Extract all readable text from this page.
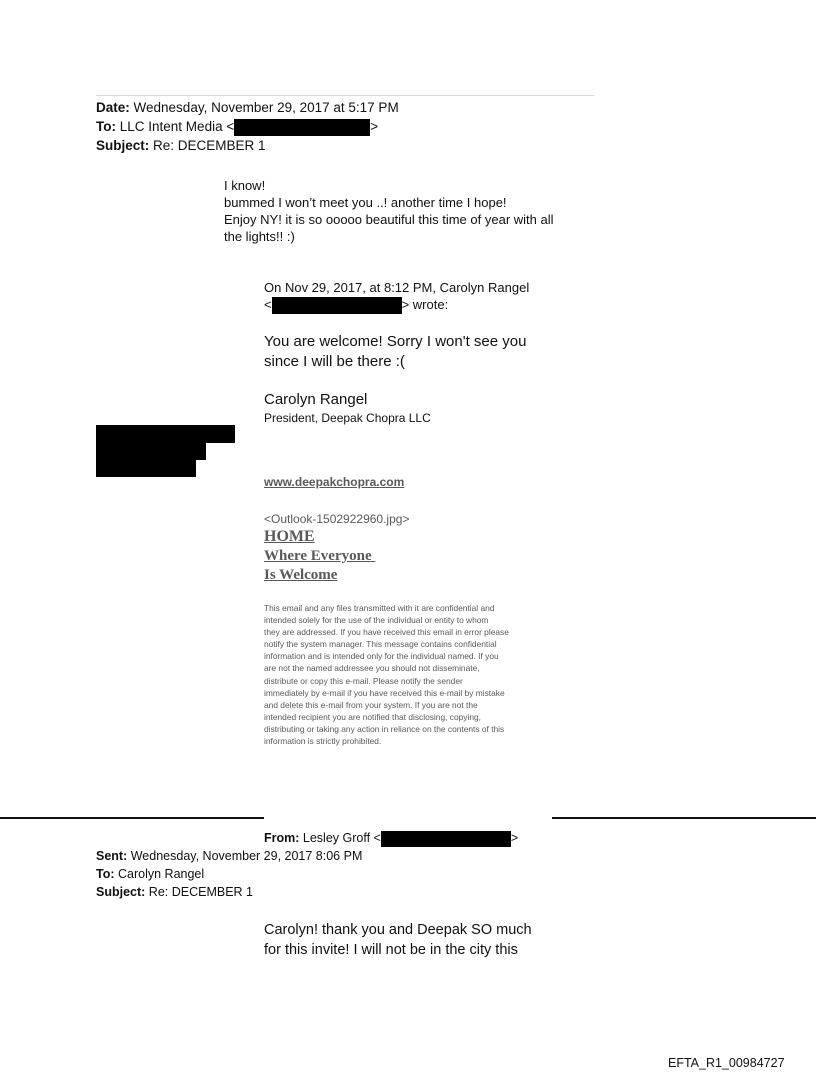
Date: Wednesday, November 29, 2017 at 5:17 PM
To: LLC Intent Media <	>
Subject: Re: DECEMBER 1
I know!
bummed I won’t meet you ..! another time I hope!
Enjoy NY! it is so ooooo beautiful this time of year with all
the lights!! :)
On Nov 29, 2017, at 8:12 PM, Carolyn Rangel
<	> wrote:
You are welcome! Sorry I won't see you
since I will be there :(
Carolyn Rangel
President, Deepak Chopra LLC
www.deepakchopra.com
<Outlook-1502922960.jpg>
HOME
Where Everyone
Is Welcome
This email and any files transmitted with it are confidential and
intended solely for the use of the individual or entity to whom
they are addressed. If you have received this email in error please
notify the system manager. This message contains confidential
information and is intended only for the individual named. If you
are not the named addressee you should not disseminate,
distribute or copy this e-mail. Please notify the sender
immediately by e-mail if you have received this e-mail by mistake
and delete this e-mail from your system. If you are not the
intended recipient you are notified that disclosing, copying,
distributing or taking any action in reliance on the contents of this
information is strictly prohibited.
From: Lesley Groff <	>
Sent: Wednesday, November 29, 2017 8:06 PM
To: Carolyn Rangel
Subject: Re: DECEMBER 1
Carolyn! thank you and Deepak SO much
for this invite! I will not be in the city this
EFTA_R1_00984727
